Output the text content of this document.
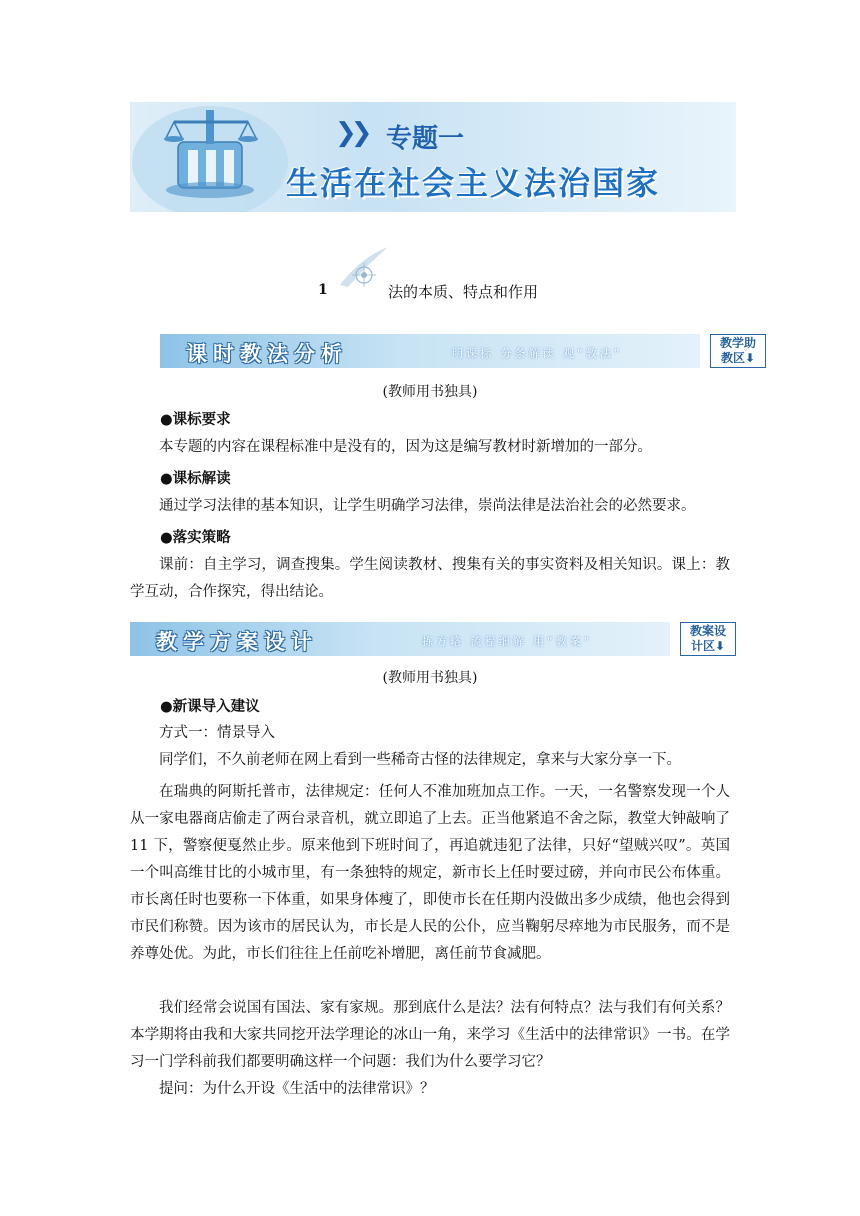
❯❯ 专题一
生活在社会主义法治国家
1	法的本质、特点和作用
课时教法分析	明课标 分条解读 观“教法”
教学助
教区⬇
(教师用书独具)
●课标要求

本专题的内容在课程标准中是没有的，因为这是编写教材时新增加的一部分。

●课标解读

通过学习法律的基本知识，让学生明确学习法律，崇尚法律是法治社会的必然要求。

●落实策略

课前：自主学习，调查搜集。学生阅读教材、搜集有关的事实资料及相关知识。课上：教学互动，合作探究，得出结论。

教学方案设计	拣方略 流程细解 用“教案”
教案设
计区⬇
(教师用书独具)
●新课导入建议

方式一：情景导入

同学们，不久前老师在网上看到一些稀奇古怪的法律规定，拿来与大家分享一下。

在瑞典的阿斯托普市，法律规定：任何人不准加班加点工作。一天，一名警察发现一个人从一家电器商店偷走了两台录音机，就立即追了上去。正当他紧追不舍之际，教堂大钟敲响了 11 下，警察便戛然止步。原来他到下班时间了，再追就违犯了法律，只好“望贼兴叹”。英国一个叫高维甘比的小城市里，有一条独特的规定，新市长上任时要过磅，并向市民公布体重。市长离任时也要称一下体重，如果身体瘦了，即使市长在任期内没做出多少成绩，他也会得到市民们称赞。因为该市的居民认为，市长是人民的公仆，应当鞠躬尽瘁地为市民服务，而不是养尊处优。为此，市长们往往上任前吃补增肥，离任前节食减肥。

我们经常会说国有国法、家有家规。那到底什么是法？法有何特点？法与我们有何关系？本学期将由我和大家共同挖开法学理论的冰山一角，来学习《生活中的法律常识》一书。在学习一门学科前我们都要明确这样一个问题：我们为什么要学习它？

提问：为什么开设《生活中的法律常识》？
